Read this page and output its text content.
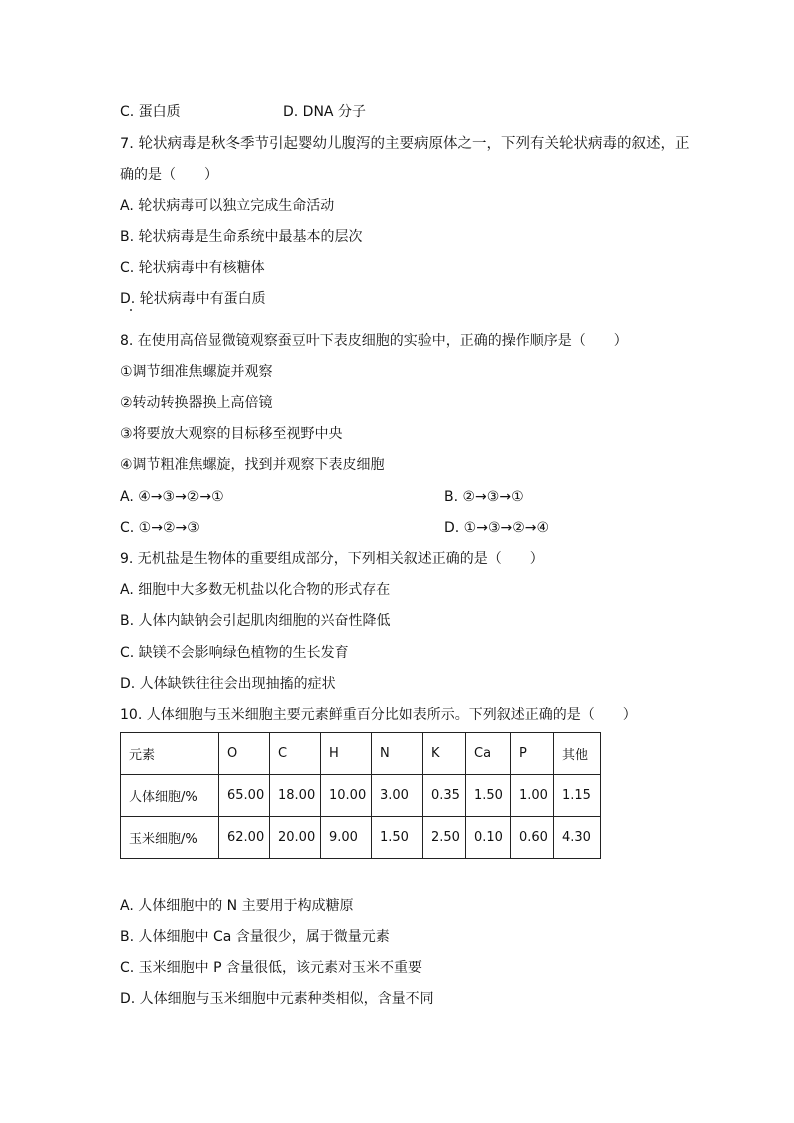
C. 蛋白质	D. DNA 分子
7. 轮状病毒是秋冬季节引起婴幼儿腹泻的主要病原体之一，下列有关轮状病毒的叙述，正
确的是（　　）
A. 轮状病毒可以独立完成生命活动
B. 轮状病毒是生命系统中最基本的层次
C. 轮状病毒中有核糖体
D. 轮状病毒中有蛋白质
8. 在使用高倍显微镜观察蚕豆叶下表皮细胞的实验中，正确的操作顺序是（　　）
①调节细准焦螺旋并观察
②转动转换器换上高倍镜
③将要放大观察的目标移至视野中央
④调节粗准焦螺旋，找到并观察下表皮细胞
A. ④→③→②→①	B. ②→③→①
C. ①→②→③	D. ①→③→②→④
9. 无机盐是生物体的重要组成部分，下列相关叙述正确的是（　　）
A. 细胞中大多数无机盐以化合物的形式存在
B. 人体内缺钠会引起肌肉细胞的兴奋性降低
C. 缺镁不会影响绿色植物的生长发育
D. 人体缺铁往往会出现抽搐的症状
10. 人体细胞与玉米细胞主要元素鲜重百分比如表所示。下列叙述正确的是（　　）
元素	O	C	H	N	K	Ca	P	其他
人体细胞/%	65.00	18.00	10.00	3.00	0.35	1.50	1.00	1.15
玉米细胞/%	62.00	20.00	9.00	1.50	2.50	0.10	0.60	4.30
A. 人体细胞中的 N 主要用于构成糖原
B. 人体细胞中 Ca 含量很少，属于微量元素
C. 玉米细胞中 P 含量很低，该元素对玉米不重要
D. 人体细胞与玉米细胞中元素种类相似，含量不同
